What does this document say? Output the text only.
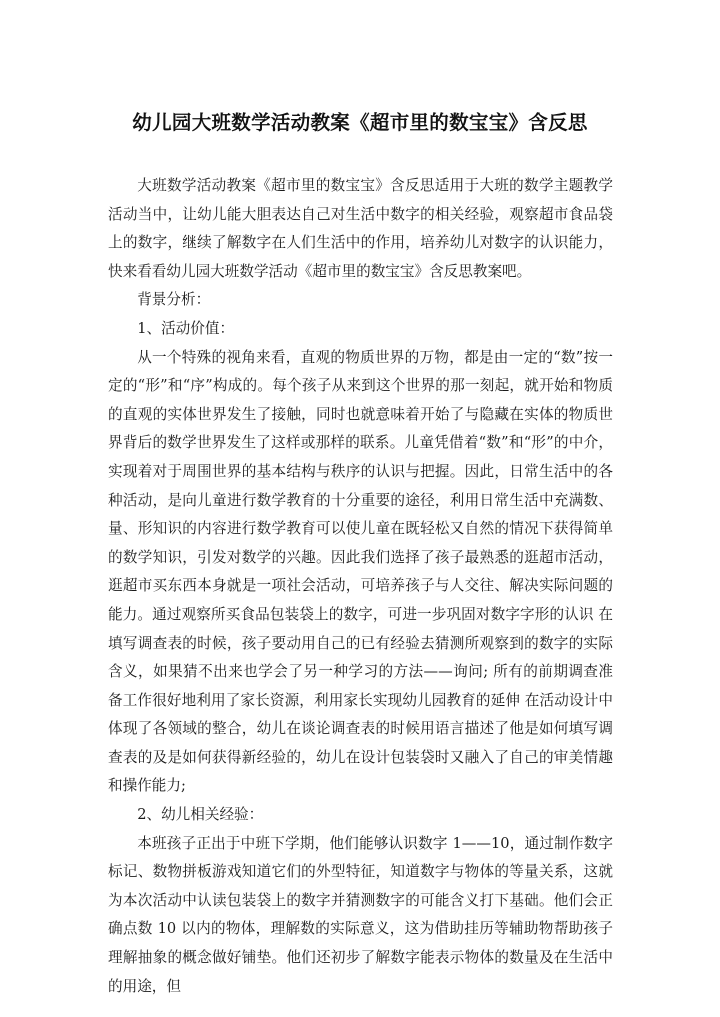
幼儿园大班数学活动教案《超市里的数宝宝》含反思

大班数学活动教案《超市里的数宝宝》含反思适用于大班的数学主题教学活动当中，让幼儿能大胆表达自己对生活中数字的相关经验，观察超市食品袋上的数字，继续了解数字在人们生活中的作用，培养幼儿对数字的认识能力，快来看看幼儿园大班数学活动《超市里的数宝宝》含反思教案吧。

背景分析：

1、活动价值：

从一个特殊的视角来看，直观的物质世界的万物，都是由一定的“数”按一定的“形”和“序”构成的。每个孩子从来到这个世界的那一刻起，就开始和物质的直观的实体世界发生了接触，同时也就意味着开始了与隐藏在实体的物质世界背后的数学世界发生了这样或那样的联系。儿童凭借着“数”和“形”的中介，实现着对于周围世界的基本结构与秩序的认识与把握。因此，日常生活中的各种活动，是向儿童进行数学教育的十分重要的途径，利用日常生活中充满数、量、形知识的内容进行数学教育可以使儿童在既轻松又自然的情况下获得简单的数学知识，引发对数学的兴趣。因此我们选择了孩子最熟悉的逛超市活动，逛超市买东西本身就是一项社会活动，可培养孩子与人交往、解决实际问题的能力。通过观察所买食品包装袋上的数字，可进一步巩固对数字字形的认识 在填写调查表的时候，孩子要动用自己的已有经验去猜测所观察到的数字的实际含义，如果猜不出来也学会了另一种学习的方法——询问; 所有的前期调查准备工作很好地利用了家长资源，利用家长实现幼儿园教育的延伸 在活动设计中体现了各领域的整合，幼儿在谈论调查表的时候用语言描述了他是如何填写调查表的及是如何获得新经验的，幼儿在设计包装袋时又融入了自己的审美情趣和操作能力;

2、幼儿相关经验：

本班孩子正出于中班下学期，他们能够认识数字 1——10，通过制作数字标记、数物拼板游戏知道它们的外型特征，知道数字与物体的等量关系，这就为本次活动中认读包装袋上的数字并猜测数字的可能含义打下基础。他们会正确点数 10 以内的物体，理解数的实际意义，这为借助挂历等辅助物帮助孩子理解抽象的概念做好铺垫。他们还初步了解数字能表示物体的数量及在生活中的用途，但
